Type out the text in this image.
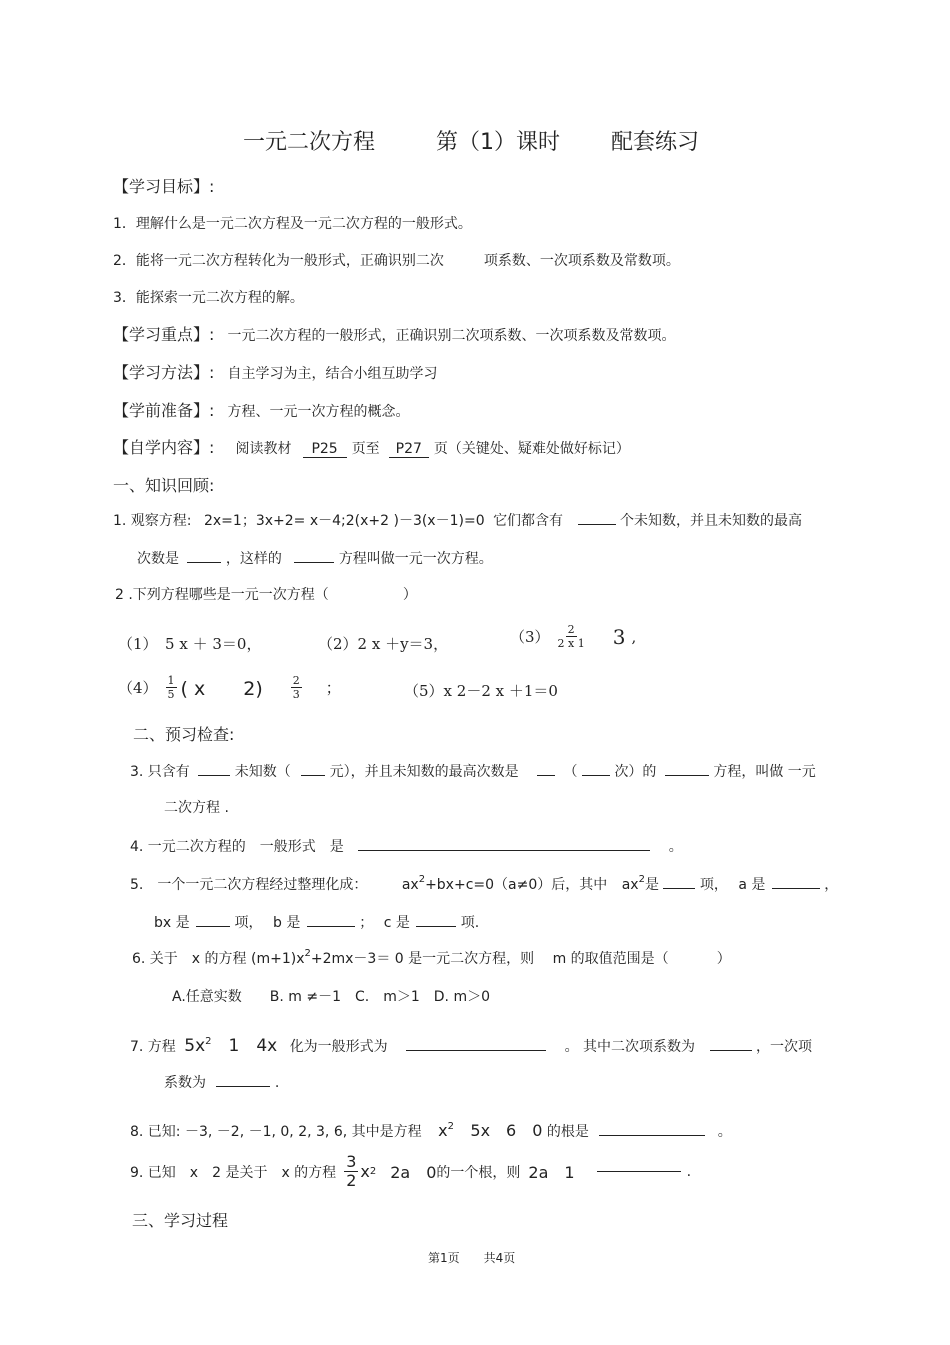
一元二次方程	第（1）课时 配套练习
【学习目标】:
1．理解什么是一元二次方程及一元二次方程的一般形式。
2．能将一元二次方程转化为一般形式，正确识别二次	项系数、一次项系数及常数项。
3．能探索一元二次方程的解。
【学习重点】: 一元二次方程的一般形式，正确识别二次项系数、一次项系数及常数项。
【学习方法】: 自主学习为主，结合小组互助学习
【学前准备】: 方程、一元一次方程的概念。
【自学内容】: 阅读教材 P25 页至 P27 页（关键处、疑难处做好标记）
一、知识回顾:
1. 观察方程: 2x=1；3x+2= x－4;2(x+2 )－3(x－1)=0 它们都含有	个未知数，并且未知数的最高
次数是	，这样的	方程叫做一元一次方程。
2 .下列方程哪些是一元一次方程（	）
（1）　5 x ＋ 3＝0，	（2）2 x ＋y＝3，	$(3) \frac{2}{2 x 1} 3$ ,
$(4) \frac{1}{5}$ ( x　　2)	$\frac{2}{3}$ ；	（5）x 2－2 x ＋1＝0
二、预习检查:
3. 只含有	未知数（	元），并且未知数的最高次数是	（	次）的	方程，叫做 一元
二次方程 .
4. 一元二次方程的　一般形式　是	。
5.　一个一元二次方程经过整理化成： $ax^2+bx+c=0(a\ne 0)$后，其中 $ax^2$是	项， a 是	，
bx 是	项， b 是	； c 是	项.
6. 关于　x 的方程 $(m+1)x^2+2mx-3= 0$ 是一元二次方程，则 m 的取值范围是（	）
A.任意实数　　B. m ≠－1　C.　m＞1　D. m＞0
7. 方程 $5x^2$　1　4x 化为一般形式为	。 其中二次项系数为	，一次项
系数为	.
8. 已知: －3, －2, －1, 0, 2, 3, 6, 其中是方程 $x^2$ 5x　6　0 的根是	。
9. 已知　x　2 是关于　x 的方程 $\frac{3}{2}$ x 2 2a　0 的一个根，则 2a　1	.
三、学习过程
第1页　　共4页
